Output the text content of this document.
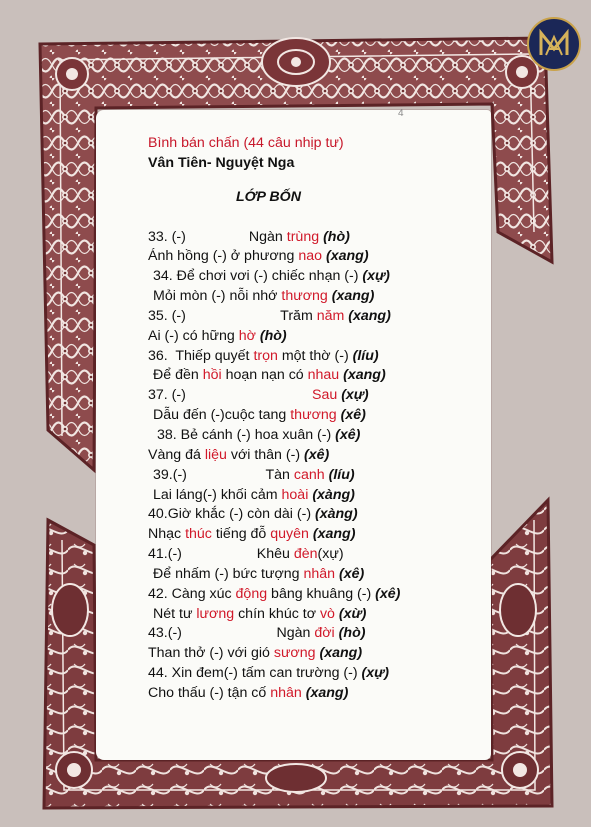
4
Bình bán chấn (44 câu nhịp tư)
Vân Tiên- Nguyệt Nga
LỚP BỐN
33. (-)                Ngàn trùng (hò)
Ánh hồng (-) ở phương nao (xang)
34. Để chơi vơi (-) chiếc nhạn (-) (xự)
Mỏi mòn (-) nỗi nhớ thương (xang)
35. (-)                        Trăm năm (xang)
Ai (-) có hững hờ (hò)
36.  Thiếp quyết trọn một thờ (-) (líu)
Để đền hồi hoạn nạn có nhau (xang)
37. (-)                                Sau (xự)
Dẫu đến (-)cuộc tang thương (xê)
38. Bẻ cánh (-) hoa xuân (-) (xê)
Vàng đá liệu với thân (-) (xê)
39.(-)                    Tàn canh (líu)
Lai láng(-) khối cảm hoài (xàng)
40.Giờ khắc (-) còn dài (-) (xàng)
Nhạc thúc tiếng đỗ quyên (xang)
41.(-)                   Khêu đèn(xự)
Để nhấm (-) bức tượng nhân (xê)
42. Càng xúc động bâng khuâng (-) (xê)
Nét tư lương chín khúc tơ vò (xừ)
43.(-)                        Ngàn đời (hò)
Than thở (-) với gió sương (xang)
44. Xin đem(-) tấm can trường (-) (xự)
Cho thấu (-) tận cố nhân (xang)
